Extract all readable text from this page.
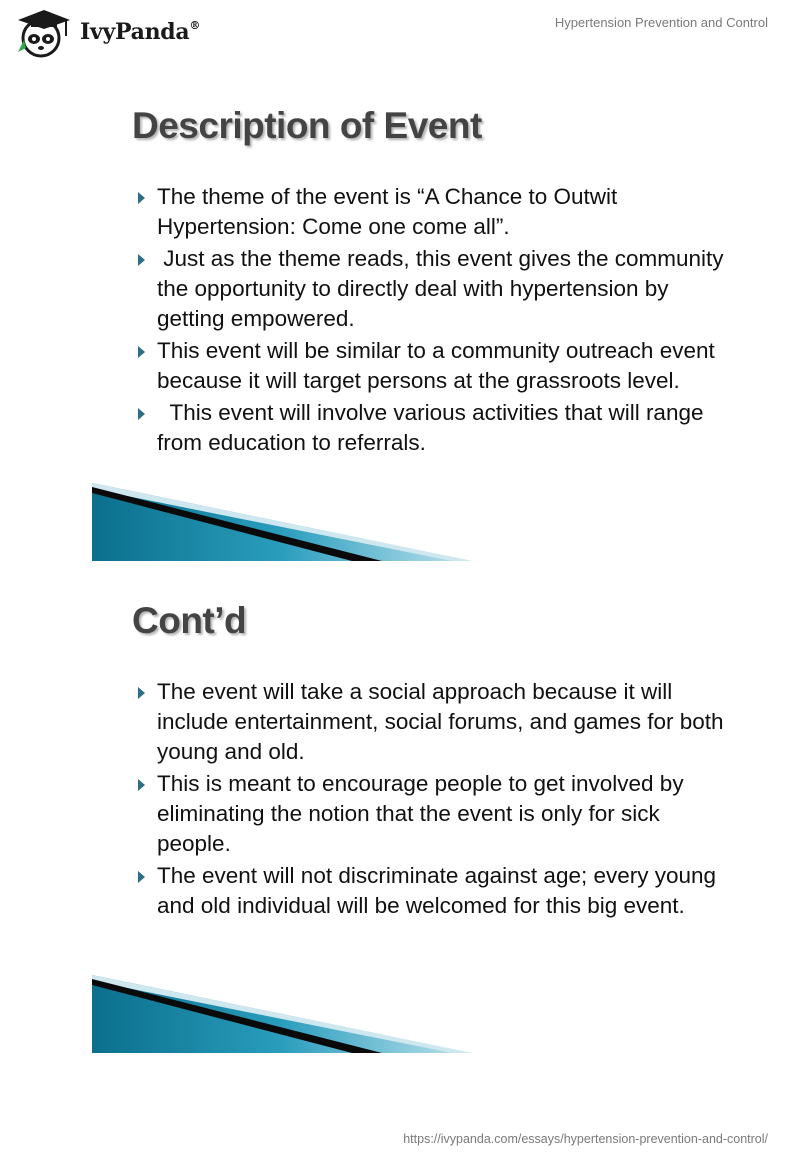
IvyPanda®	Hypertension Prevention and Control
Description of Event
The theme of the event is “A Chance to Outwit Hypertension: Come one come all”.
Just as the theme reads, this event gives the community the opportunity to directly deal with hypertension by getting empowered.
This event will be similar to a community outreach event because it will target persons at the grassroots level.
This event will involve various activities that will range from education to referrals.
Cont’d
The event will take a social approach because it will include entertainment, social forums, and games for both young and old.
This is meant to encourage people to get involved by eliminating the notion that the event is only for sick people.
The event will not discriminate against age; every young and old individual will be welcomed for this big event.
https://ivypanda.com/essays/hypertension-prevention-and-control/
